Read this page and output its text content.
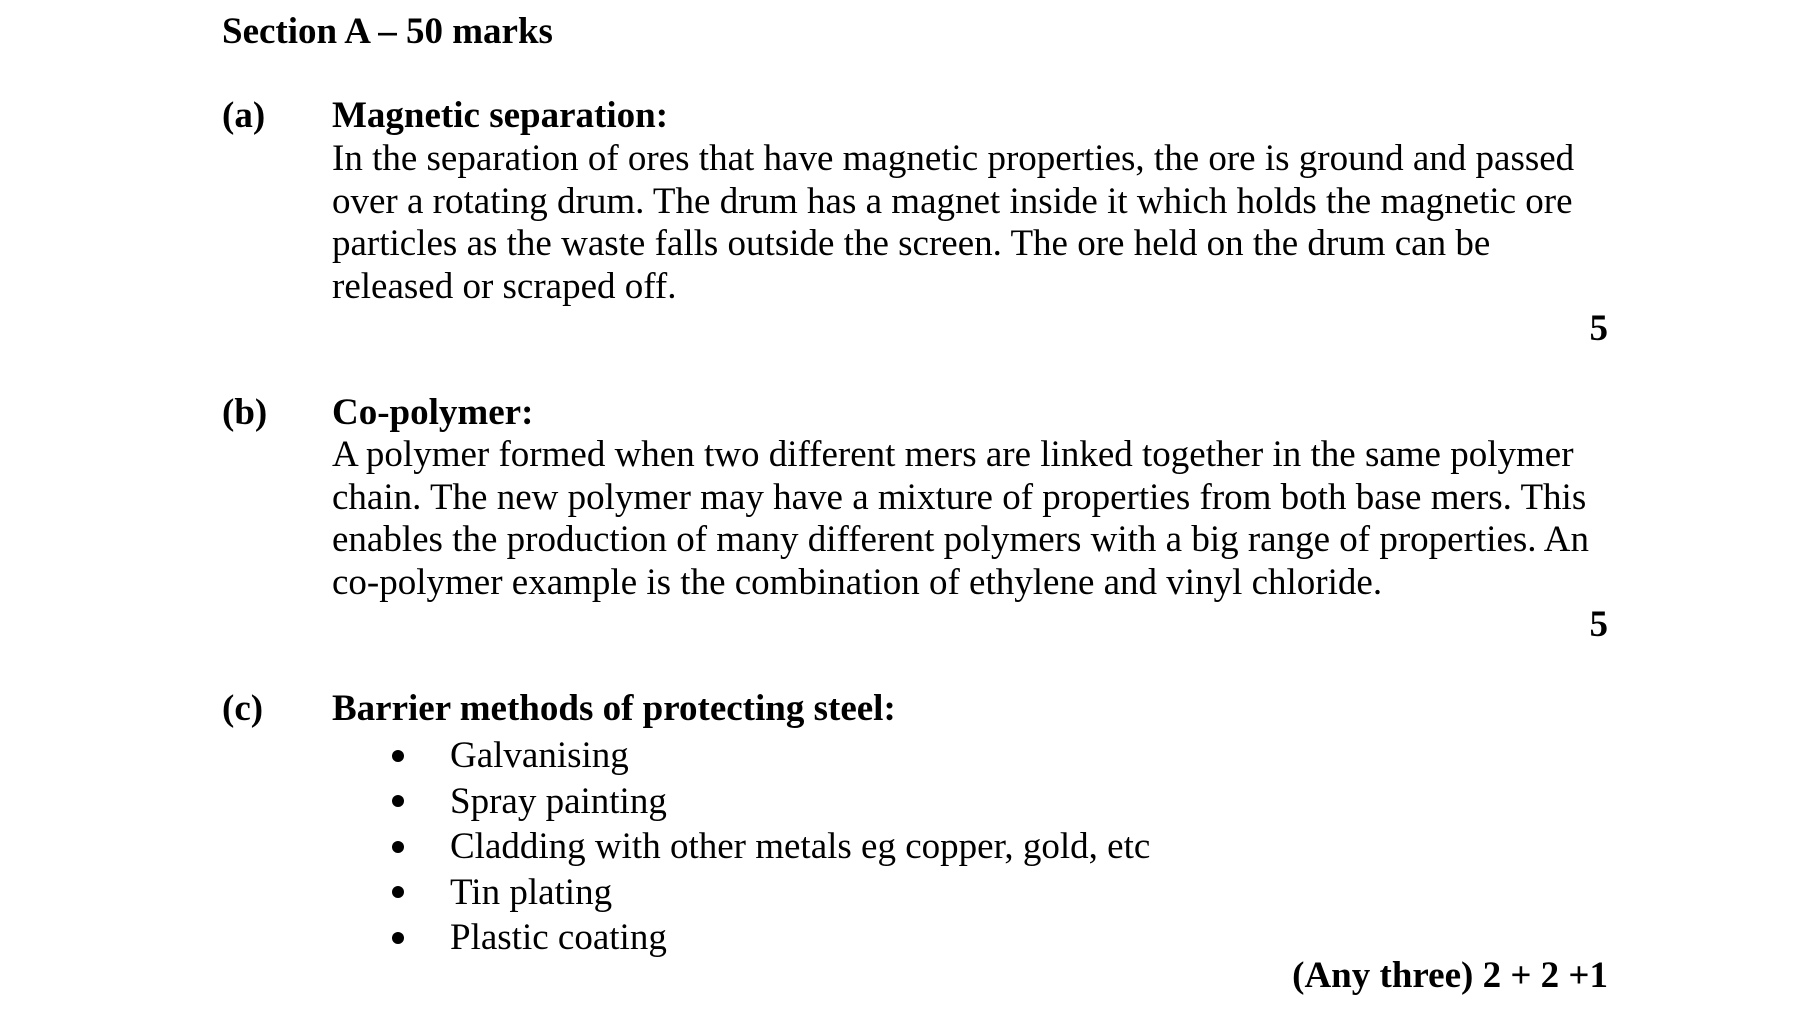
Section A – 50 marks
(a) Magnetic separation:
In the separation of ores that have magnetic properties, the ore is ground and passed
over a rotating drum. The drum has a magnet inside it which holds the magnetic ore
particles as the waste falls outside the screen. The ore held on the drum can be
released or scraped off.
5
(b) Co-polymer:
A polymer formed when two different mers are linked together in the same polymer
chain. The new polymer may have a mixture of properties from both base mers. This
enables the production of many different polymers with a big range of properties. An
co-polymer example is the combination of ethylene and vinyl chloride.
5
(c) Barrier methods of protecting steel:
Galvanising
Spray painting
Cladding with other metals eg copper, gold, etc
Tin plating
Plastic coating
(Any three) 2 + 2 +1
